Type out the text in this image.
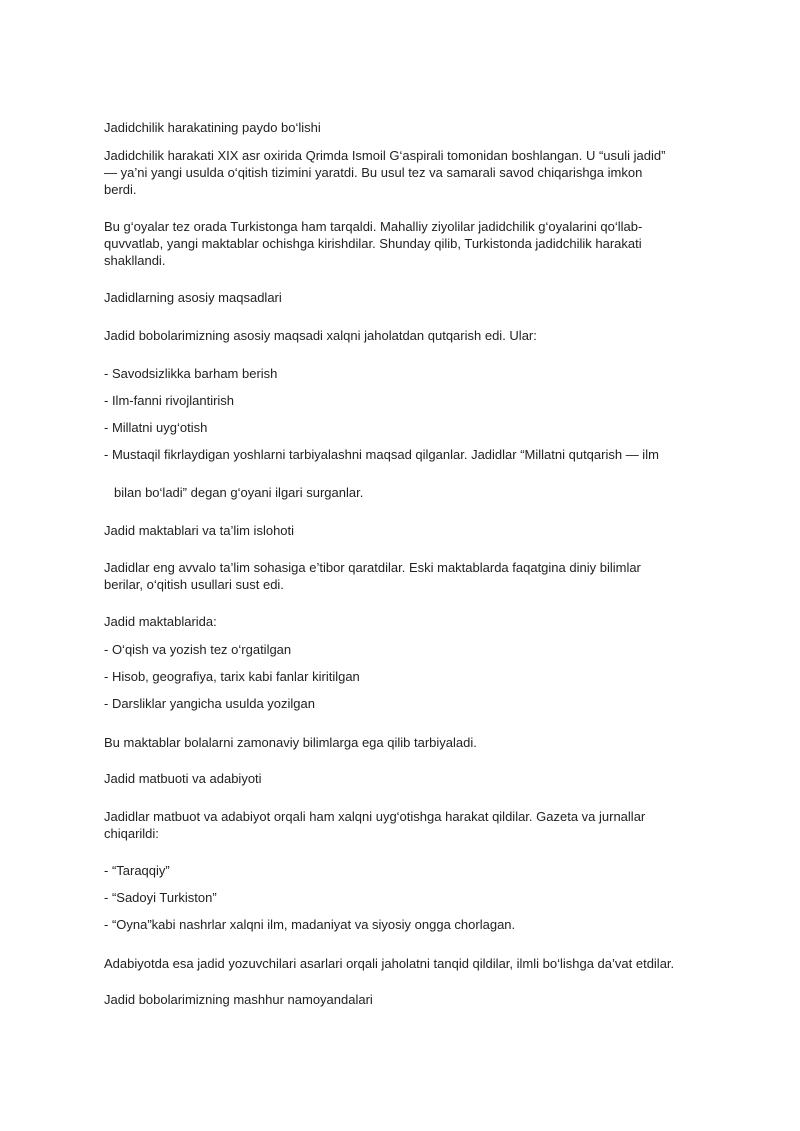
Jadidchilik harakatining paydo bo‘lishi
Jadidchilik harakati XIX asr oxirida Qrimda Ismoil G‘aspirali tomonidan boshlangan. U “usuli jadid”
— ya’ni yangi usulda o‘qitish tizimini yaratdi. Bu usul tez va samarali savod chiqarishga imkon
berdi.
Bu g‘oyalar tez orada Turkistonga ham tarqaldi. Mahalliy ziyolilar jadidchilik g‘oyalarini qo‘llab-
quvvatlab, yangi maktablar ochishga kirishdilar. Shunday qilib, Turkistonda jadidchilik harakati
shakllandi.
Jadidlarning asosiy maqsadlari
Jadid bobolarimizning asosiy maqsadi xalqni jaholatdan qutqarish edi. Ular:
- Savodsizlikka barham berish
- Ilm-fanni rivojlantirish
- Millatni uyg‘otish
- Mustaqil fikrlaydigan yoshlarni tarbiyalashni maqsad qilganlar. Jadidlar “Millatni qutqarish — ilm
bilan bo‘ladi” degan g‘oyani ilgari surganlar.
Jadid maktablari va ta’lim islohoti
Jadidlar eng avvalo ta’lim sohasiga e’tibor qaratdilar. Eski maktablarda faqatgina diniy bilimlar
berilar, o‘qitish usullari sust edi.
Jadid maktablarida:
- O‘qish va yozish tez o‘rgatilgan
- Hisob, geografiya, tarix kabi fanlar kiritilgan
- Darsliklar yangicha usulda yozilgan
Bu maktablar bolalarni zamonaviy bilimlarga ega qilib tarbiyaladi.
Jadid matbuoti va adabiyoti
Jadidlar matbuot va adabiyot orqali ham xalqni uyg‘otishga harakat qildilar. Gazeta va jurnallar
chiqarildi:
- “Taraqqiy”
- “Sadoyi Turkiston”
- “Oyna”kabi nashrlar xalqni ilm, madaniyat va siyosiy ongga chorlagan.
Adabiyotda esa jadid yozuvchilari asarlari orqali jaholatni tanqid qildilar, ilmli bo‘lishga da’vat etdilar.
Jadid bobolarimizning mashhur namoyandalari
